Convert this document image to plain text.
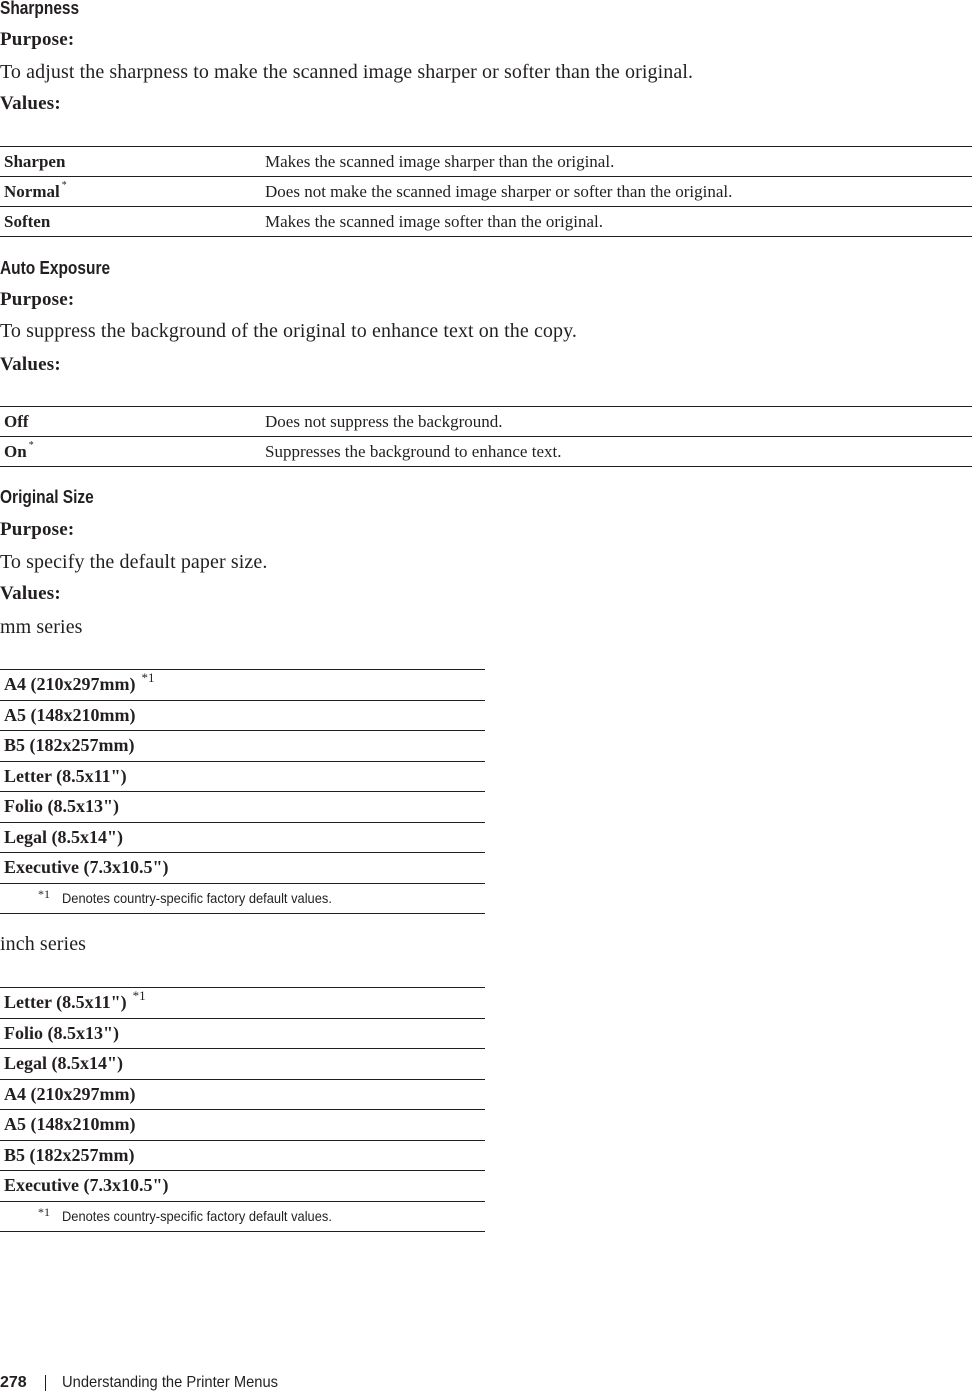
Sharpness
Purpose:
To adjust the sharpness to make the scanned image sharper or softer than the original.
Values:
Sharpen	Makes the scanned image sharper than the original.
Normal *	Does not make the scanned image sharper or softer than the original.
Soften	Makes the scanned image softer than the original.
Auto Exposure
Purpose:
To suppress the background of the original to enhance text on the copy.
Values:
Off	Does not suppress the background.
On *	Suppresses the background to enhance text.
Original Size
Purpose:
To specify the default paper size.
Values:
mm series
A4 (210x297mm) $^{*1}$
A5 (148x210mm)
B5 (182x257mm)
Letter (8.5x11")
Folio (8.5x13")
Legal (8.5x14")
Executive (7.3x10.5")
$^{*1}$ Denotes country-specific factory default values.
inch series
Letter (8.5x11") $^{*1}$
Folio (8.5x13")
Legal (8.5x14")
A4 (210x297mm)
A5 (148x210mm)
B5 (182x257mm)
Executive (7.3x10.5")
$^{*1}$ Denotes country-specific factory default values.
278 Understanding the Printer Menus
